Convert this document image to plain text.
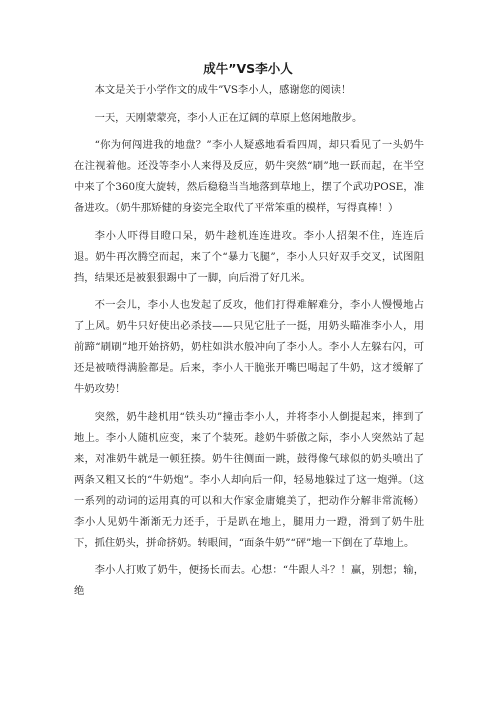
成牛”VS李小人

本文是关于小学作文的成牛”VS李小人，感谢您的阅读！

一天，天刚蒙蒙亮，李小人正在辽阔的草原上悠闲地散步。

“你为何闯进我的地盘？”李小人疑惑地看看四周，却只看见了一头奶牛在注视着他。还没等李小人来得及反应，奶牛突然“刷”地一跃而起，在半空中来了个360度大旋转，然后稳稳当当地落到草地上，摆了个武功POSE，准备进攻。（奶牛那矫健的身姿完全取代了平常笨重的模样，写得真棒！）

李小人吓得目瞪口呆，奶牛趁机连连进攻。李小人招架不住，连连后退。奶牛再次腾空而起，来了个“暴力飞腿”，李小人只好双手交叉，试图阻挡，结果还是被狠狠踢中了一脚，向后滑了好几米。

不一会儿，李小人也发起了反攻，他们打得难解难分，李小人慢慢地占了上风。奶牛只好使出必杀技——只见它肚子一挺，用奶头瞄准李小人，用前蹄“刷刷”地开始挤奶，奶柱如洪水般冲向了李小人。李小人左躲右闪，可还是被喷得满脸都是。后来，李小人干脆张开嘴巴喝起了牛奶，这才缓解了牛奶攻势！

突然，奶牛趁机用“铁头功”撞击李小人，并将李小人倒提起来，摔到了地上。李小人随机应变，来了个装死。趁奶牛骄傲之际，李小人突然站了起来，对准奶牛就是一顿狂揍。奶牛往侧面一跳，鼓得像气球似的奶头喷出了两条又粗又长的“牛奶炮”。李小人却向后一仰，轻易地躲过了这一炮弹。（这一系列的动词的运用真的可以和大作家金庸媲美了，把动作分解非常流畅）李小人见奶牛渐渐无力还手，于是趴在地上，腿用力一蹬，滑到了奶牛肚下，抓住奶头，拼命挤奶。转眼间，“面条牛奶”“砰”地一下倒在了草地上。

李小人打败了奶牛，便扬长而去。心想：“牛跟人斗？！赢，别想；输，绝
